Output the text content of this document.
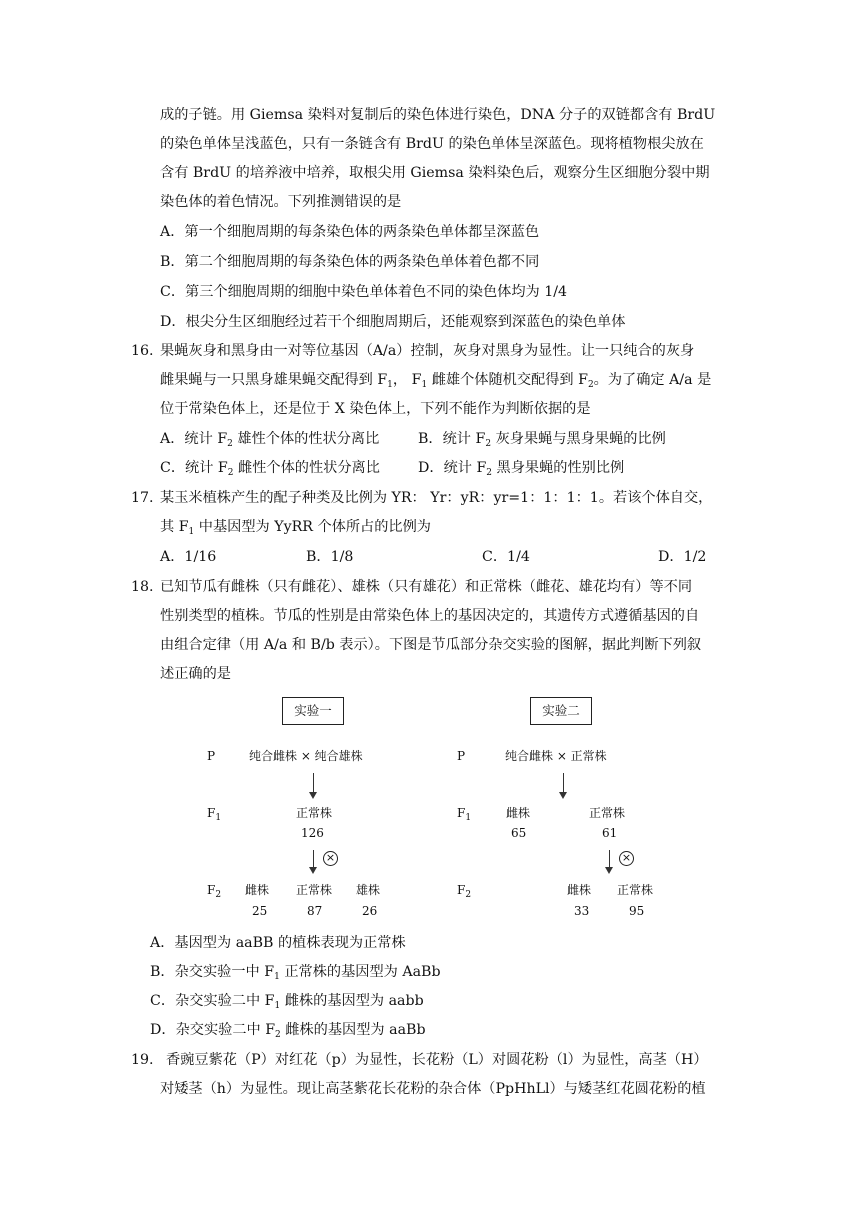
成的子链。用 Giemsa 染料对复制后的染色体进行染色，DNA 分子的双链都含有 BrdU
的染色单体呈浅蓝色，只有一条链含有 BrdU 的染色单体呈深蓝色。现将植物根尖放在
含有 BrdU 的培养液中培养，取根尖用 Giemsa 染料染色后，观察分生区细胞分裂中期
染色体的着色情况。下列推测错误的是
A．第一个细胞周期的每条染色体的两条染色单体都呈深蓝色
B．第二个细胞周期的每条染色体的两条染色单体着色都不同
C．第三个细胞周期的细胞中染色单体着色不同的染色体均为 1/4
D．根尖分生区细胞经过若干个细胞周期后，还能观察到深蓝色的染色单体
16. 果蝇灰身和黑身由一对等位基因（A/a）控制，灰身对黑身为显性。让一只纯合的灰身
雌果蝇与一只黑身雄果蝇交配得到 $F_1$， $F_1$ 雌雄个体随机交配得到 $F_2$。为了确定 A/a 是
位于常染色体上，还是位于 X 染色体上，下列不能作为判断依据的是
A．统计 $F_2$ 雄性个体的性状分离比	B．统计 $F_2$ 灰身果蝇与黑身果蝇的比例
C．统计 $F_2$ 雌性个体的性状分离比	D．统计 $F_2$ 黑身果蝇的性别比例
17. 某玉米植株产生的配子种类及比例为 YR： Yr：yR：yr=1：1：1：1。若该个体自交，
其 $F_1$ 中基因型为 YyRR 个体所占的比例为
A．1/16	B．1/8	C．1/4	D．1/2
18. 已知节瓜有雌株（只有雌花）、雄株（只有雄花）和正常株（雌花、雄花均有）等不同
性别类型的植株。节瓜的性别是由常染色体上的基因决定的，其遗传方式遵循基因的自
由组合定律（用 A/a 和 B/b 表示）。下图是节瓜部分杂交实验的图解，据此判断下列叙
述正确的是
实验一
P	纯合雌株 × 纯合雄株
$F_1$	正常株
126
×
$F_2$ 雌株 正常株 雄株
25	87	26
实验二
P	纯合雌株 × 正常株
$F_1$	雌株	正常株
65	61
×
$F_2$	雌株 正常株
33	95
A．基因型为 aaBB 的植株表现为正常株
B．杂交实验一中 $F_1$ 正常株的基因型为 AaBb
C．杂交实验二中 $F_1$ 雌株的基因型为 aabb
D．杂交实验二中 $F_2$ 雌株的基因型为 aaBb
19. 香豌豆紫花（P）对红花（p）为显性，长花粉（L）对圆花粉（l）为显性，高茎（H）
对矮茎（h）为显性。现让高茎紫花长花粉的杂合体（PpHhLl）与矮茎红花圆花粉的植
